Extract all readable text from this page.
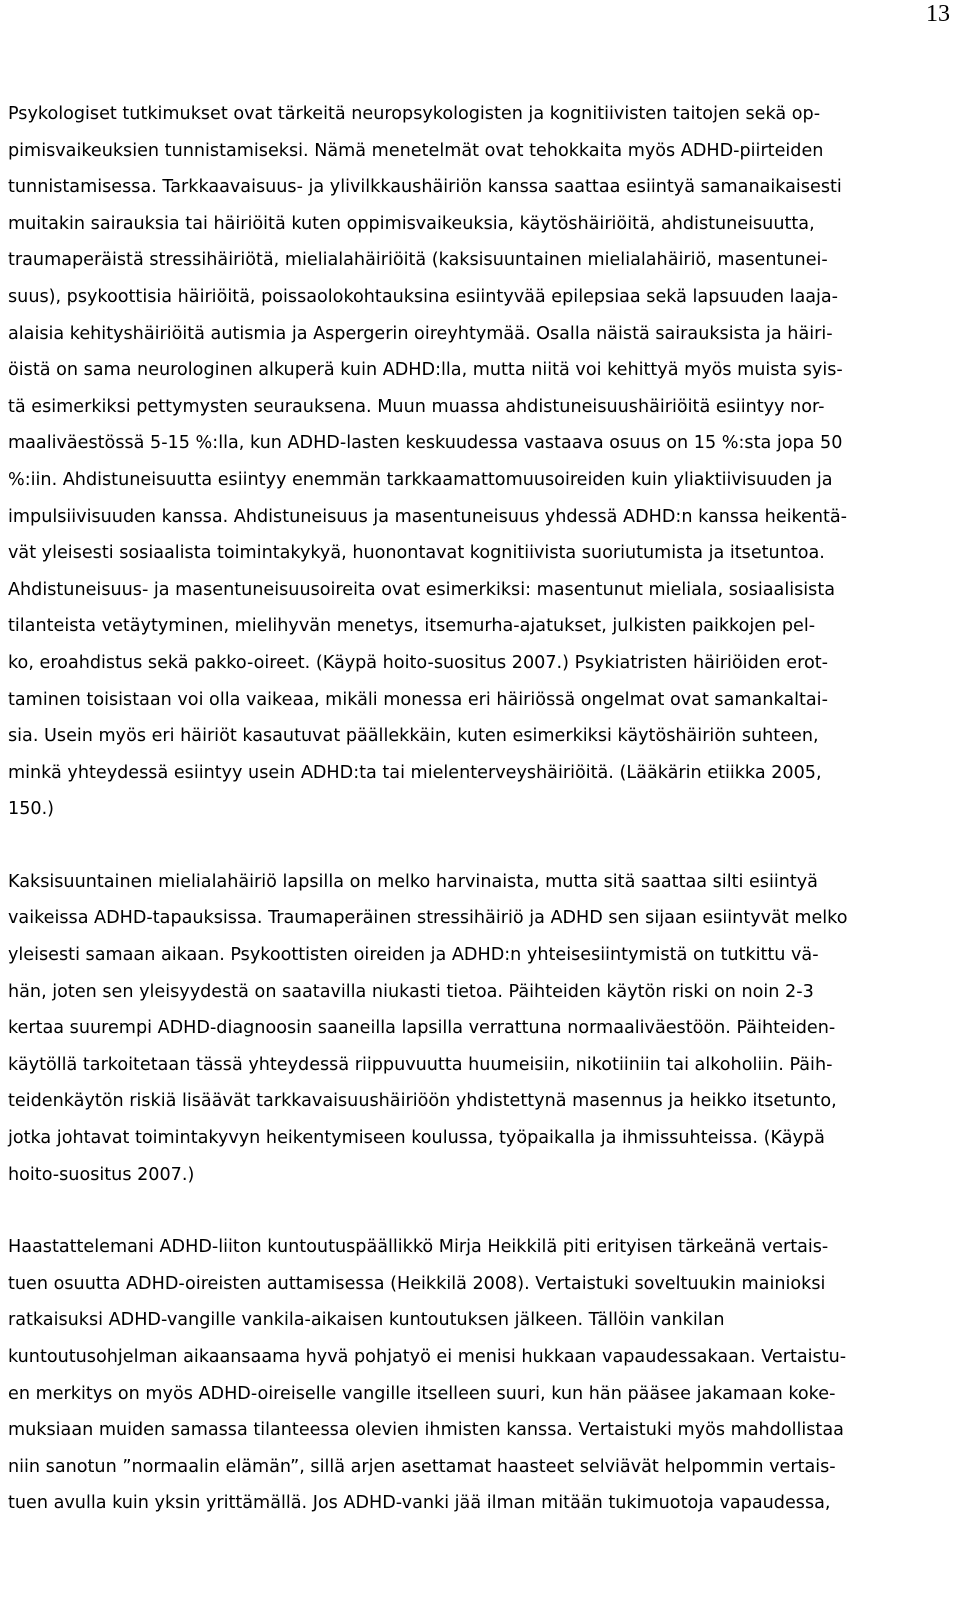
13
Psykologiset tutkimukset ovat tärkeitä neuropsykologisten ja kognitiivisten taitojen sekä op-
pimisvaikeuksien tunnistamiseksi. Nämä menetelmät ovat tehokkaita myös ADHD-piirteiden
tunnistamisessa. Tarkkaavaisuus- ja ylivilkkaushäiriön kanssa saattaa esiintyä samanaikaisesti
muitakin sairauksia tai häiriöitä kuten oppimisvaikeuksia, käytöshäiriöitä, ahdistuneisuutta,
traumaperäistä stressihäiriötä, mielialahäiriöitä (kaksisuuntainen mielialahäiriö, masentunei-
suus), psykoottisia häiriöitä, poissaolokohtauksina esiintyvää epilepsiaa sekä lapsuuden laaja-
alaisia kehityshäiriöitä autismia ja Aspergerin oireyhtymää. Osalla näistä sairauksista ja häiri-
öistä on sama neurologinen alkuperä kuin ADHD:lla, mutta niitä voi kehittyä myös muista syis-
tä esimerkiksi pettymysten seurauksena. Muun muassa ahdistuneisuushäiriöitä esiintyy nor-
maaliväestössä 5-15 %:lla, kun ADHD-lasten keskuudessa vastaava osuus on 15 %:sta jopa 50
%:iin. Ahdistuneisuutta esiintyy enemmän tarkkaamattomuusoireiden kuin yliaktiivisuuden ja
impulsiivisuuden kanssa. Ahdistuneisuus ja masentuneisuus yhdessä ADHD:n kanssa heikentä-
vät yleisesti sosiaalista toimintakykyä, huonontavat kognitiivista suoriutumista ja itsetuntoa.
Ahdistuneisuus- ja masentuneisuusoireita ovat esimerkiksi: masentunut mieliala, sosiaalisista
tilanteista vetäytyminen, mielihyvän menetys, itsemurha-ajatukset, julkisten paikkojen pel-
ko, eroahdistus sekä pakko-oireet. (Käypä hoito-suositus 2007.) Psykiatristen häiriöiden erot-
taminen toisistaan voi olla vaikeaa, mikäli monessa eri häiriössä ongelmat ovat samankaltai-
sia. Usein myös eri häiriöt kasautuvat päällekkäin, kuten esimerkiksi käytöshäiriön suhteen,
minkä yhteydessä esiintyy usein ADHD:ta tai mielenterveyshäiriöitä. (Lääkärin etiikka 2005,
150.)
Kaksisuuntainen mielialahäiriö lapsilla on melko harvinaista, mutta sitä saattaa silti esiintyä
vaikeissa ADHD-tapauksissa. Traumaperäinen stressihäiriö ja ADHD sen sijaan esiintyvät melko
yleisesti samaan aikaan. Psykoottisten oireiden ja ADHD:n yhteisesiintymistä on tutkittu vä-
hän, joten sen yleisyydestä on saatavilla niukasti tietoa. Päihteiden käytön riski on noin 2-3
kertaa suurempi ADHD-diagnoosin saaneilla lapsilla verrattuna normaaliväestöön. Päihteiden-
käytöllä tarkoitetaan tässä yhteydessä riippuvuutta huumeisiin, nikotiiniin tai alkoholiin. Päih-
teidenkäytön riskiä lisäävät tarkkavaisuushäiriöön yhdistettynä masennus ja heikko itsetunto,
jotka johtavat toimintakyvyn heikentymiseen koulussa, työpaikalla ja ihmissuhteissa. (Käypä
hoito-suositus 2007.)
Haastattelemani ADHD-liiton kuntoutuspäällikkö Mirja Heikkilä piti erityisen tärkeänä vertais-
tuen osuutta ADHD-oireisten auttamisessa (Heikkilä 2008). Vertaistuki soveltuukin mainioksi
ratkaisuksi ADHD-vangille vankila-aikaisen kuntoutuksen jälkeen. Tällöin vankilan
kuntoutusohjelman aikaansaama hyvä pohjatyö ei menisi hukkaan vapaudessakaan. Vertaistu-
en merkitys on myös ADHD-oireiselle vangille itselleen suuri, kun hän pääsee jakamaan koke-
muksiaan muiden samassa tilanteessa olevien ihmisten kanssa. Vertaistuki myös mahdollistaa
niin sanotun ”normaalin elämän”, sillä arjen asettamat haasteet selviävät helpommin vertais-
tuen avulla kuin yksin yrittämällä. Jos ADHD-vanki jää ilman mitään tukimuotoja vapaudessa,
